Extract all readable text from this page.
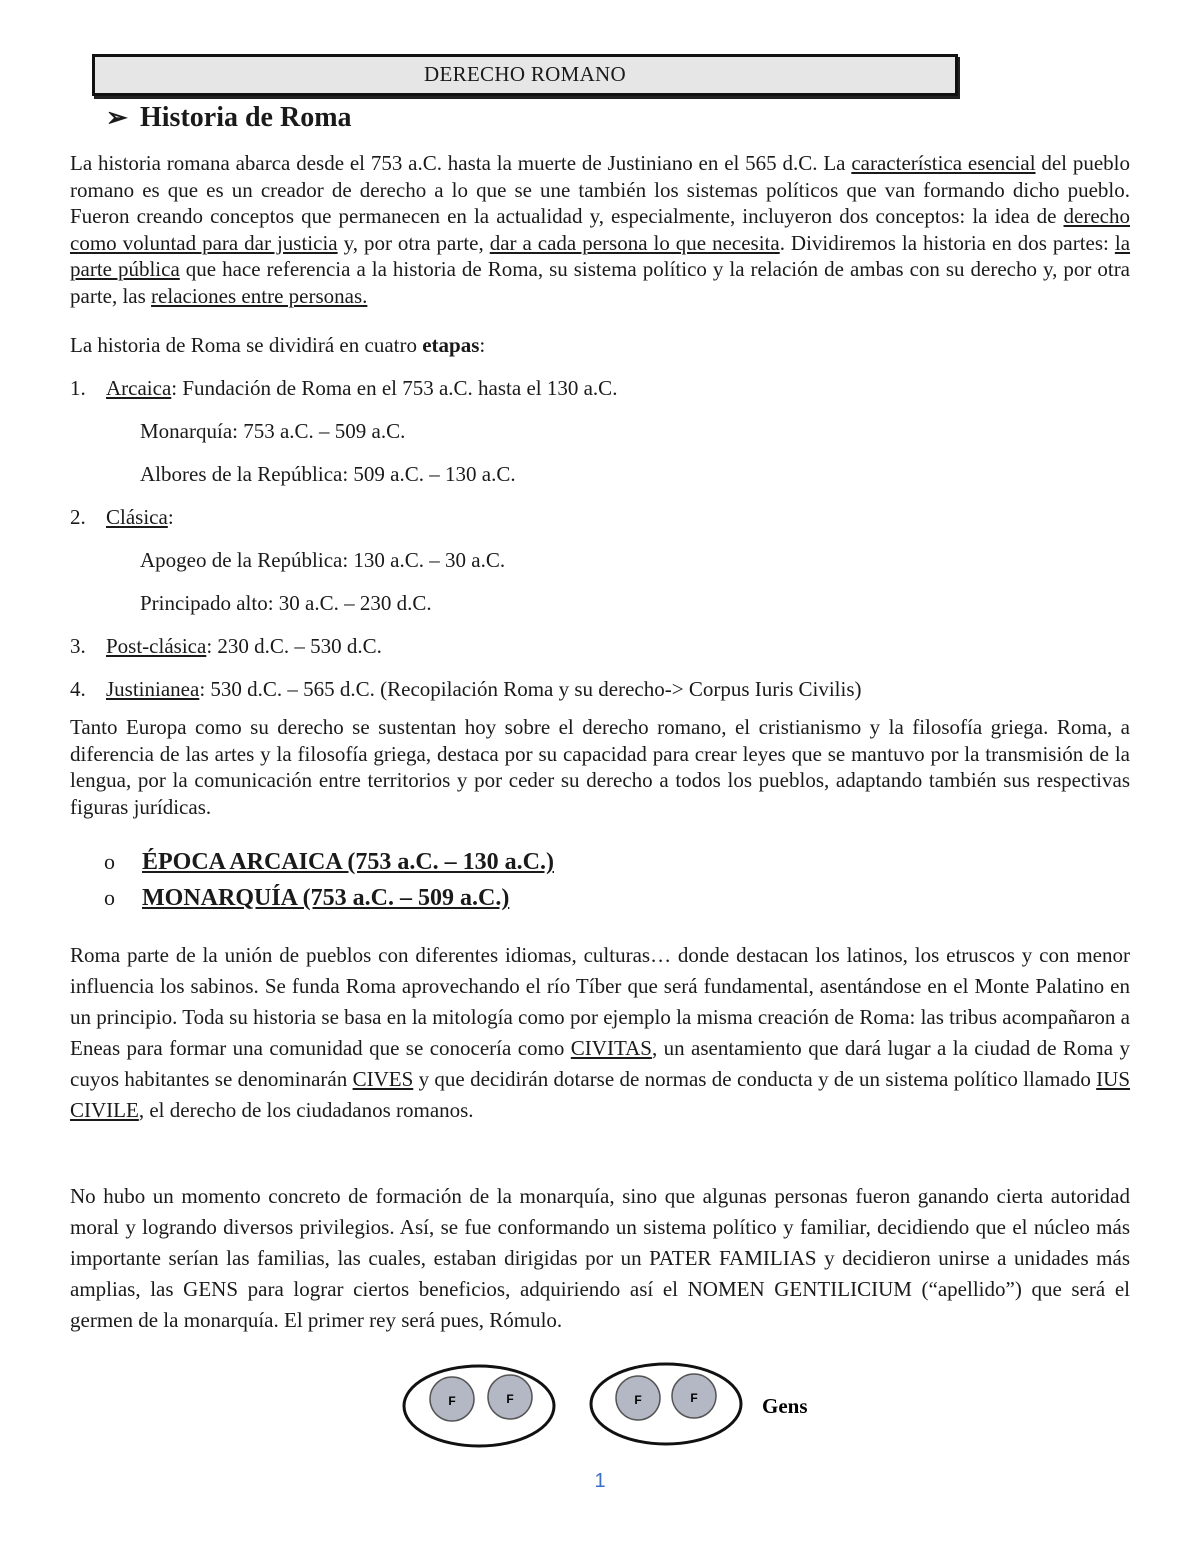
DERECHO ROMANO
➢ Historia de Roma
La historia romana abarca desde el 753 a.C. hasta la muerte de Justiniano en el 565 d.C. La característica esencial del pueblo romano es que es un creador de derecho a lo que se une también los sistemas políticos que van formando dicho pueblo. Fueron creando conceptos que permanecen en la actualidad y, especialmente, incluyeron dos conceptos: la idea de derecho como voluntad para dar justicia y, por otra parte, dar a cada persona lo que necesita. Dividiremos la historia en dos partes: la parte pública que hace referencia a la historia de Roma, su sistema político y la relación de ambas con su derecho y, por otra parte, las relaciones entre personas.
La historia de Roma se dividirá en cuatro etapas:
1. Arcaica: Fundación de Roma en el 753 a.C. hasta el 130 a.C.
Monarquía: 753 a.C. – 509 a.C.
Albores de la República: 509 a.C. – 130 a.C.
2. Clásica:
Apogeo de la República: 130 a.C. – 30 a.C.
Principado alto: 30 a.C. – 230 d.C.
3. Post-clásica: 230 d.C. – 530 d.C.
4. Justinianea: 530 d.C. – 565 d.C. (Recopilación Roma y su derecho-> Corpus Iuris Civilis)
Tanto Europa como su derecho se sustentan hoy sobre el derecho romano, el cristianismo y la filosofía griega. Roma, a diferencia de las artes y la filosofía griega, destaca por su capacidad para crear leyes que se mantuvo por la transmisión de la lengua, por la comunicación entre territorios y por ceder su derecho a todos los pueblos, adaptando también sus respectivas figuras jurídicas.
o ÉPOCA ARCAICA (753 a.C. – 130 a.C.)
o MONARQUÍA (753 a.C. – 509 a.C.)
Roma parte de la unión de pueblos con diferentes idiomas, culturas… donde destacan los latinos, los etruscos y con menor influencia los sabinos. Se funda Roma aprovechando el río Tíber que será fundamental, asentándose en el Monte Palatino en un principio. Toda su historia se basa en la mitología como por ejemplo la misma creación de Roma: las tribus acompañaron a Eneas para formar una comunidad que se conocería como CIVITAS, un asentamiento que dará lugar a la ciudad de Roma y cuyos habitantes se denominarán CIVES y que decidirán dotarse de normas de conducta y de un sistema político llamado IUS CIVILE, el derecho de los ciudadanos romanos.
No hubo un momento concreto de formación de la monarquía, sino que algunas personas fueron ganando cierta autoridad moral y logrando diversos privilegios. Así, se fue conformando un sistema político y familiar, decidiendo que el núcleo más importante serían las familias, las cuales, estaban dirigidas por un PATER FAMILIAS y decidieron unirse a unidades más amplias, las GENS para lograr ciertos beneficios, adquiriendo así el NOMEN GENTILICIUM (“apellido”) que será el germen de la monarquía. El primer rey será pues, Rómulo.
F	F	F	F	Gens
1
